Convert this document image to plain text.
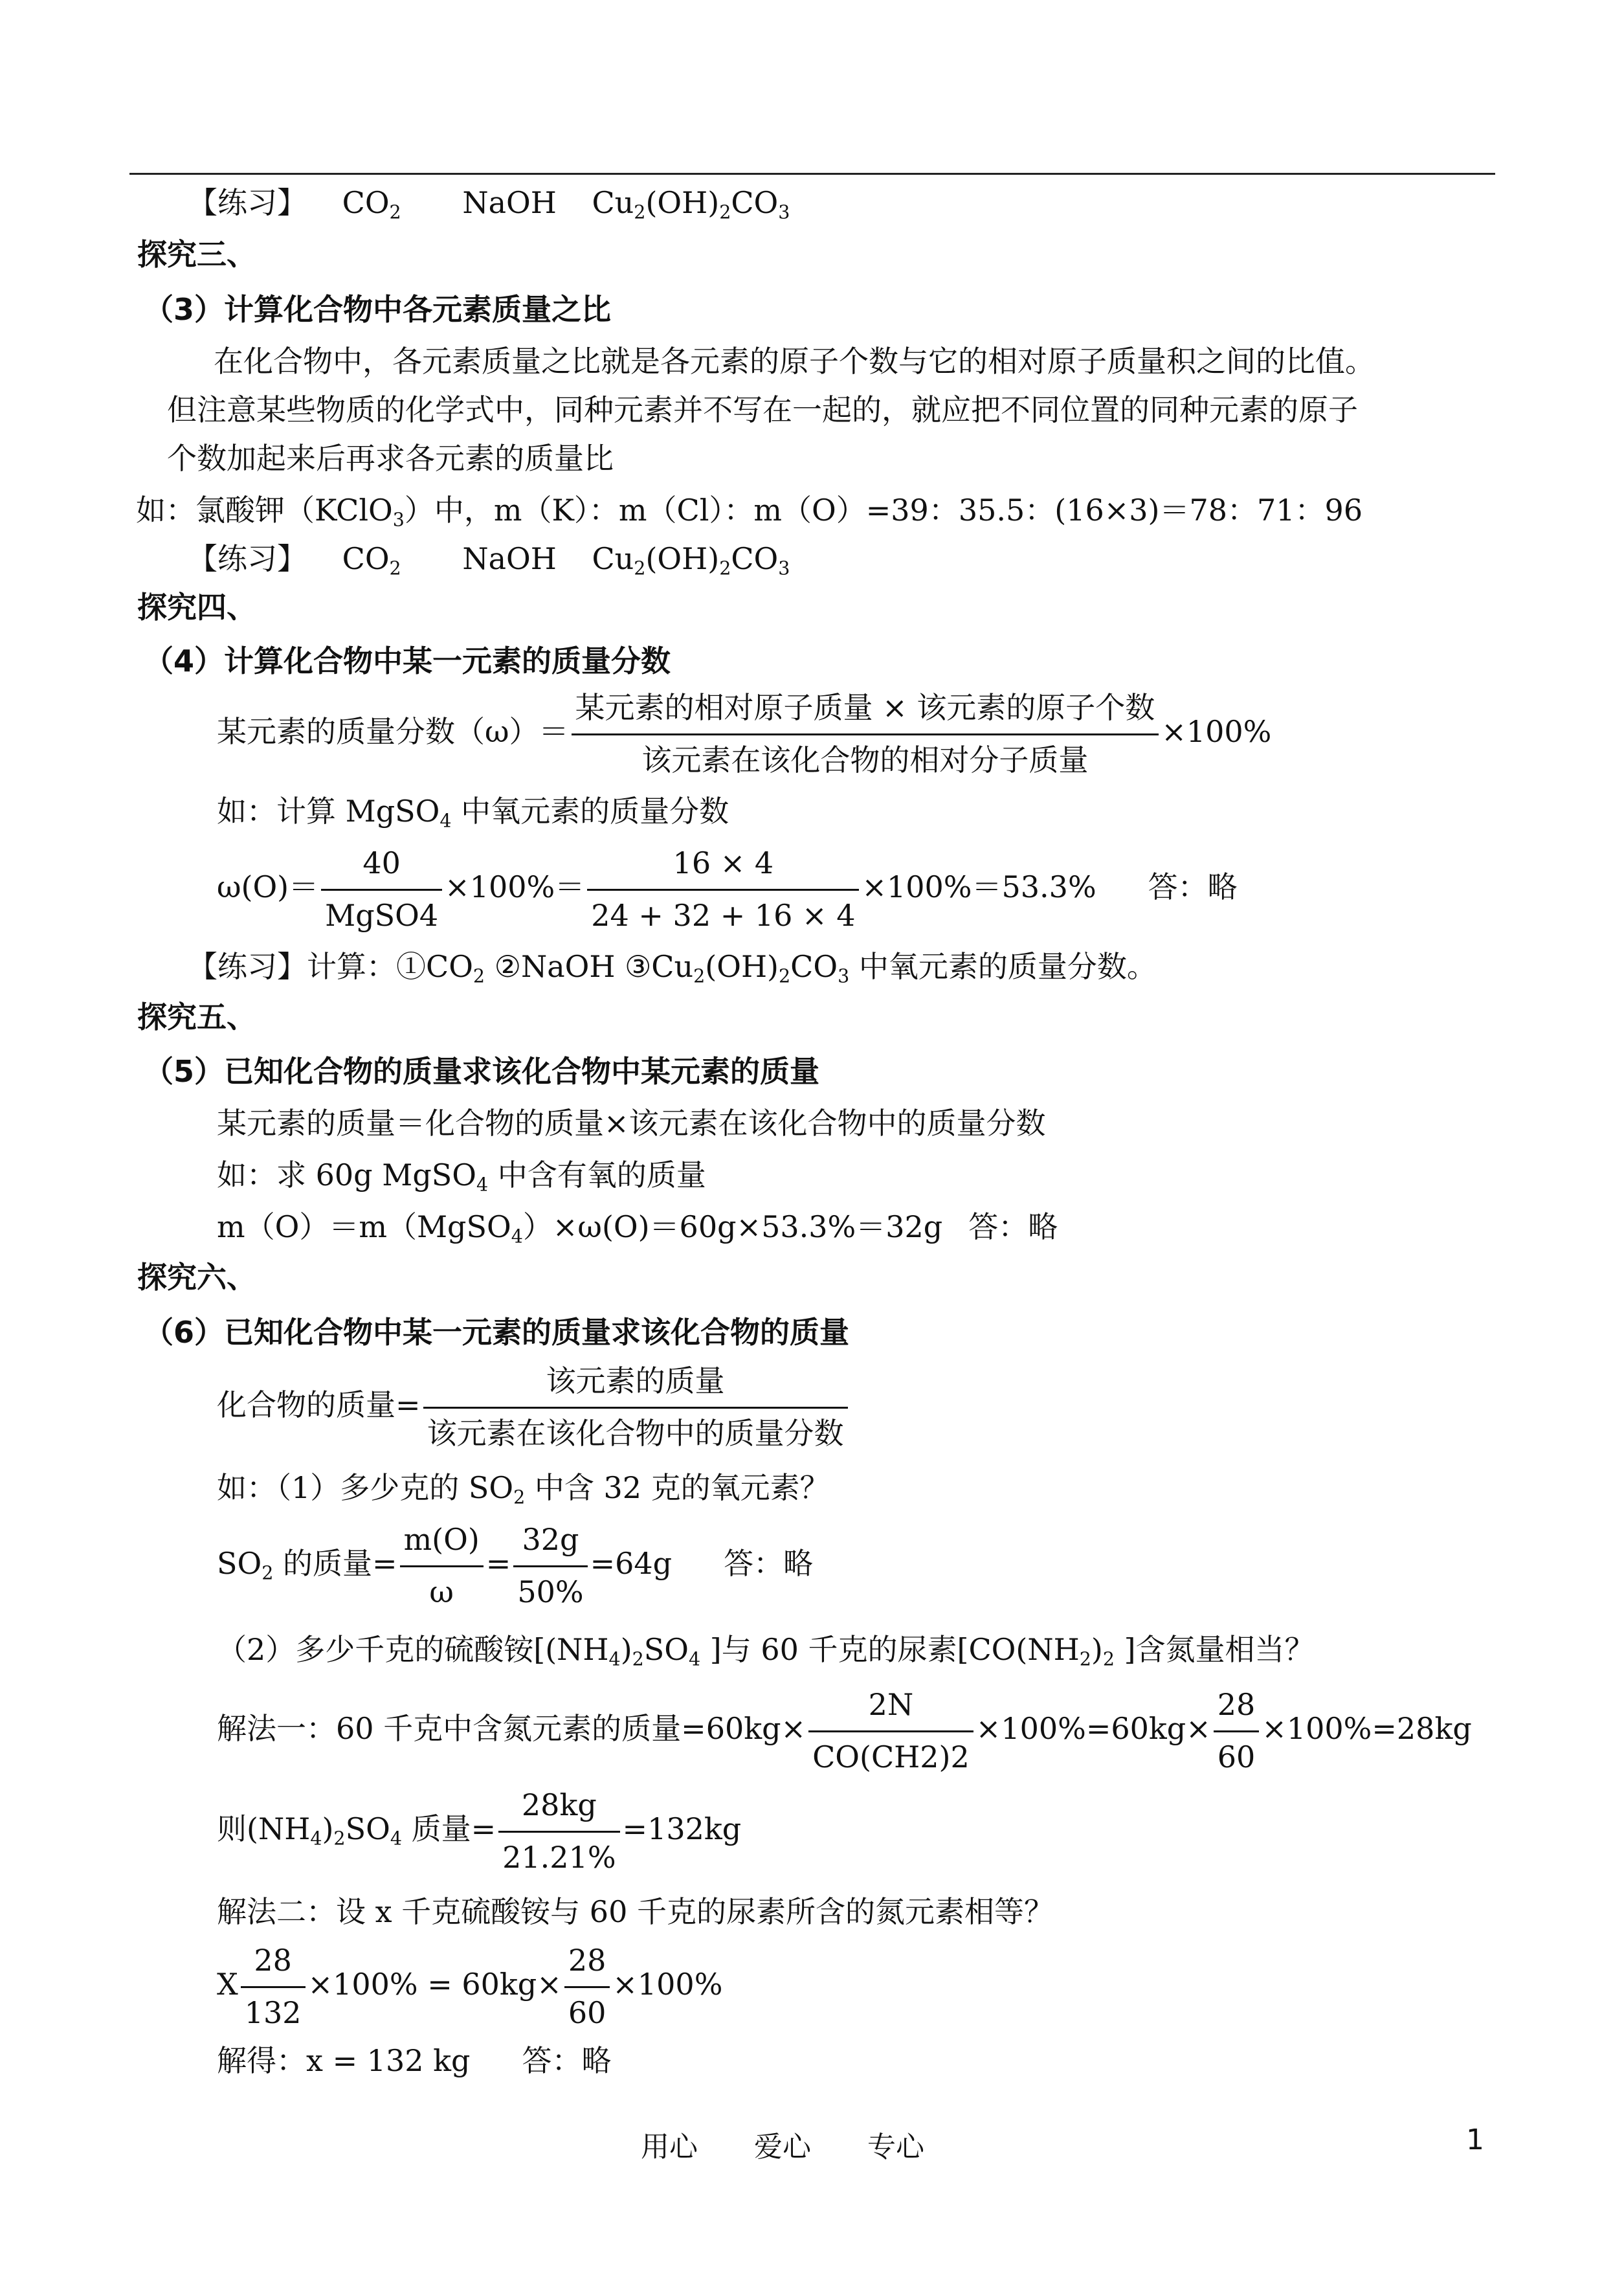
【练习】 $CO_2$ NaOH $Cu_2(OH)_2CO_3$
探究三、
（3）计算化合物中各元素质量之比
在化合物中，各元素质量之比就是各元素的原子个数与它的相对原子质量积之间的比值。
但注意某些物质的化学式中，同种元素并不写在一起的，就应把不同位置的同种元素的原子
个数加起来后再求各元素的质量比
如：氯酸钾（KClO$_3$）中，m（K）：m（Cl）：m（O）=39：35.5：(16×3)＝78：71：96
【练习】 $CO_2$ NaOH $Cu_2(OH)_2CO_3$
探究四、
（4）计算化合物中某一元素的质量分数
某元素的质量分数$(\omega)= \frac{\text{某元素的相对原子质量 × 该元素的原子个数}}{\text{该元素在该化合物的相对分子质量}} \times 100\%$
如：计算 MgSO$_4$ 中氧元素的质量分数
$\omega(O)= \frac{40}{\text{MgSO4}} \times 100\%= \frac{16 \times 4}{24 + 32 + 16 \times 4} \times 100\%=53.3\%$ 答：略
【练习】计算：$①CO_2$ ②NaOH $③Cu_2(OH)_2CO_3$ 中氧元素的质量分数。
探究五、
（5）已知化合物的质量求该化合物中某元素的质量
某元素的质量＝化合物的质量×该元素在该化合物中的质量分数
如：求 60g MgSO$_4$ 中含有氧的质量
m（O）＝m（MgSO$_4$）×ω(O)＝60g×53.3%＝32g 答：略
探究六、
（6）已知化合物中某一元素的质量求该化合物的质量
化合物的质量= $\frac{\text{该元素的质量}}{\text{该元素在该化合物中的质量分数}}$
如：（1）多少克的 $SO_2$ 中含 32 克的氧元素？
$SO_2$ 的质量= $\frac{m(O)}{\omega} = \frac{32g}{50\%} =64g$ 答：略
（2）多少千克的硫酸铵[$(NH_4)_2SO_4$ ]与 60 千克的尿素[$CO(NH_2)_2$ ]含氮量相当？
解法一：60 千克中含氮元素的质量$=60kg\times \frac{2N}{CO(CH2)2} \times 100\%=60kg\times \frac{28}{60} \times 100\%=28kg$
则$(NH_4)_2SO_4$ 质量= $\frac{28kg}{21.21\%} =132kg$
解法二：设 x 千克硫酸铵与 60 千克的尿素所含的氮元素相等？
X $\frac{28}{132} \times 100\% = 60kg\times \frac{28}{60} \times 100\%$
解得：x = 132 kg 答：略
用心 爱心 专心	1
